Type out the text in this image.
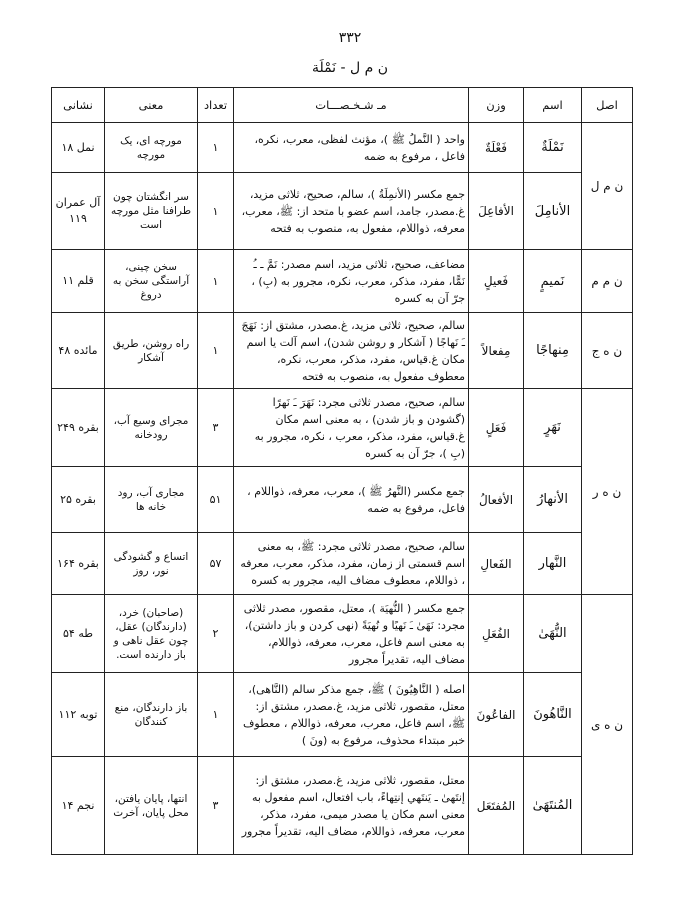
۳۳۲
ن م ل - نَمْلَة
اصل	اسم	وزن	مـ شـخـصـــات	تعداد	معنی	نشانی
ن م ل	نَمْلَةٌ	فَعْلَةٌ	واحد ( النَّملُ ﷺ )، مؤنث لفظی، معرب، نکره، فاعل ، مرفوع به ضمه	۱	مورچه ای، یک مورچه	نمل ۱۸
	الأنامِلَ	الأفاعِلَ	جمع مکسر (الأنمِلَةُ )، سالم، صحیح، ثلاثی مزید، غ.مصدر، جامد، اسم عضو با متحد از: ﷺ، معرب، معرفه، ذواللام، مفعول به، منصوب به فتحه	۱	سر انگشتان چون طرافنا مثل مورچه است	آل عمران ۱۱۹
ن م م	نَميمٍ	فَعيلٍ	مضاعف، صحیح، ثلاثی مزید، اسم مصدر: نَمَّ ـ ـُ نَمًّا، مفرد، مذکر، معرب، نکره، مجرور به (بِ) ، جرّ آن به کسره	۱	سخن چینی، آراستگی سخن به دروغ	قلم ۱۱
ن ه ج	مِنهاجًا	مِفعالاً	سالم، صحیح، ثلاثی مزید، غ.مصدر، مشتق از: نَهَجَ ـَ نَهاجًا ( آشکار و روشن شدن)، اسم آلت یا اسم مکان غ.قیاس، مفرد، مذکر، معرب، نکره، معطوف مفعول به، منصوب به فتحه	۱	راه روشن، طریق آشکار	مائده ۴۸
ن ه ر	نَهَرٍ	فَعَلٍ	سالم، صحیح، مصدر ثلاثی مجرد: نَهَرَ ـَ نَهرًا (گشودن و باز شدن) ، به معنی اسم مکان غ.قیاس، مفرد، مذکر، معرب ، نکره، مجرور به (بِ )، جرّ آن به کسره	۳	مجرای وسیع آب، رودخانه	بقره ۲۴۹
	الأنهارُ	الأفعالُ	جمع مکسر (النَّهرُ ﷺ )، معرب، معرفه، ذواللام ، فاعل، مرفوع به ضمه	۵۱	مجاری آب، رود خانه ها	بقره ۲۵
	النَّهار	الفَعالِ	سالم، صحیح، مصدر ثلاثی مجرد: ﷺ، به معنی اسم قسمتی از زمان، مفرد، مذکر، معرب، معرفه ، ذواللام، معطوف مضاف الیه، مجرور به کسره	۵۷	اتساع و گشودگی نور، روز	بقره ۱۶۴
ن ه ی	النُّهَیٰ	الفُعَلِ	جمع مکسر ( النُّهيَة )، معتل، مقصور، مصدر ثلاثی مجرد: نَهَیٰ ـَ نَهیًا و نُهيَةً (نهی کردن و باز داشتن)، به معنی اسم فاعل، معرب، معرفه، ذواللام، مضاف الیه، تقدیراً مجرور	۲	(صاحبان) خرد، (دارندگان) عقل، چون عقل ناهی و باز دارنده است.	طه ۵۴
	النَّاهُونَ	الفاعُونَ	اصله ( النَّاهِیُونَ ) ﷺ، جمع مذکر سالم (النَّاهی)، معتل، مقصور، ثلاثی مزید، غ.مصدر، مشتق از: ﷺ، اسم فاعل، معرب، معرفه، ذواللام ، معطوف خبر مبتداء محذوف، مرفوع به (ونَ )	۱	باز دارندگان، منع کنندگان	توبه ۱۱۲
	المُنتَهَیٰ	المُفتَعَل	معتل، مقصور، ثلاثی مزید، غ.مصدر، مشتق از: إنتَهیٰ ـ يَنتَهي إنتِهاءً، باب افتعال، اسم مفعول به معنی اسم مکان یا مصدر میمی، مفرد، مذکر، معرب، معرفه، ذواللام، مضاف الیه، تقدیراً مجرور	۳	انتها، پایان یافتن، محل پایان، آخرت	نجم ۱۴
